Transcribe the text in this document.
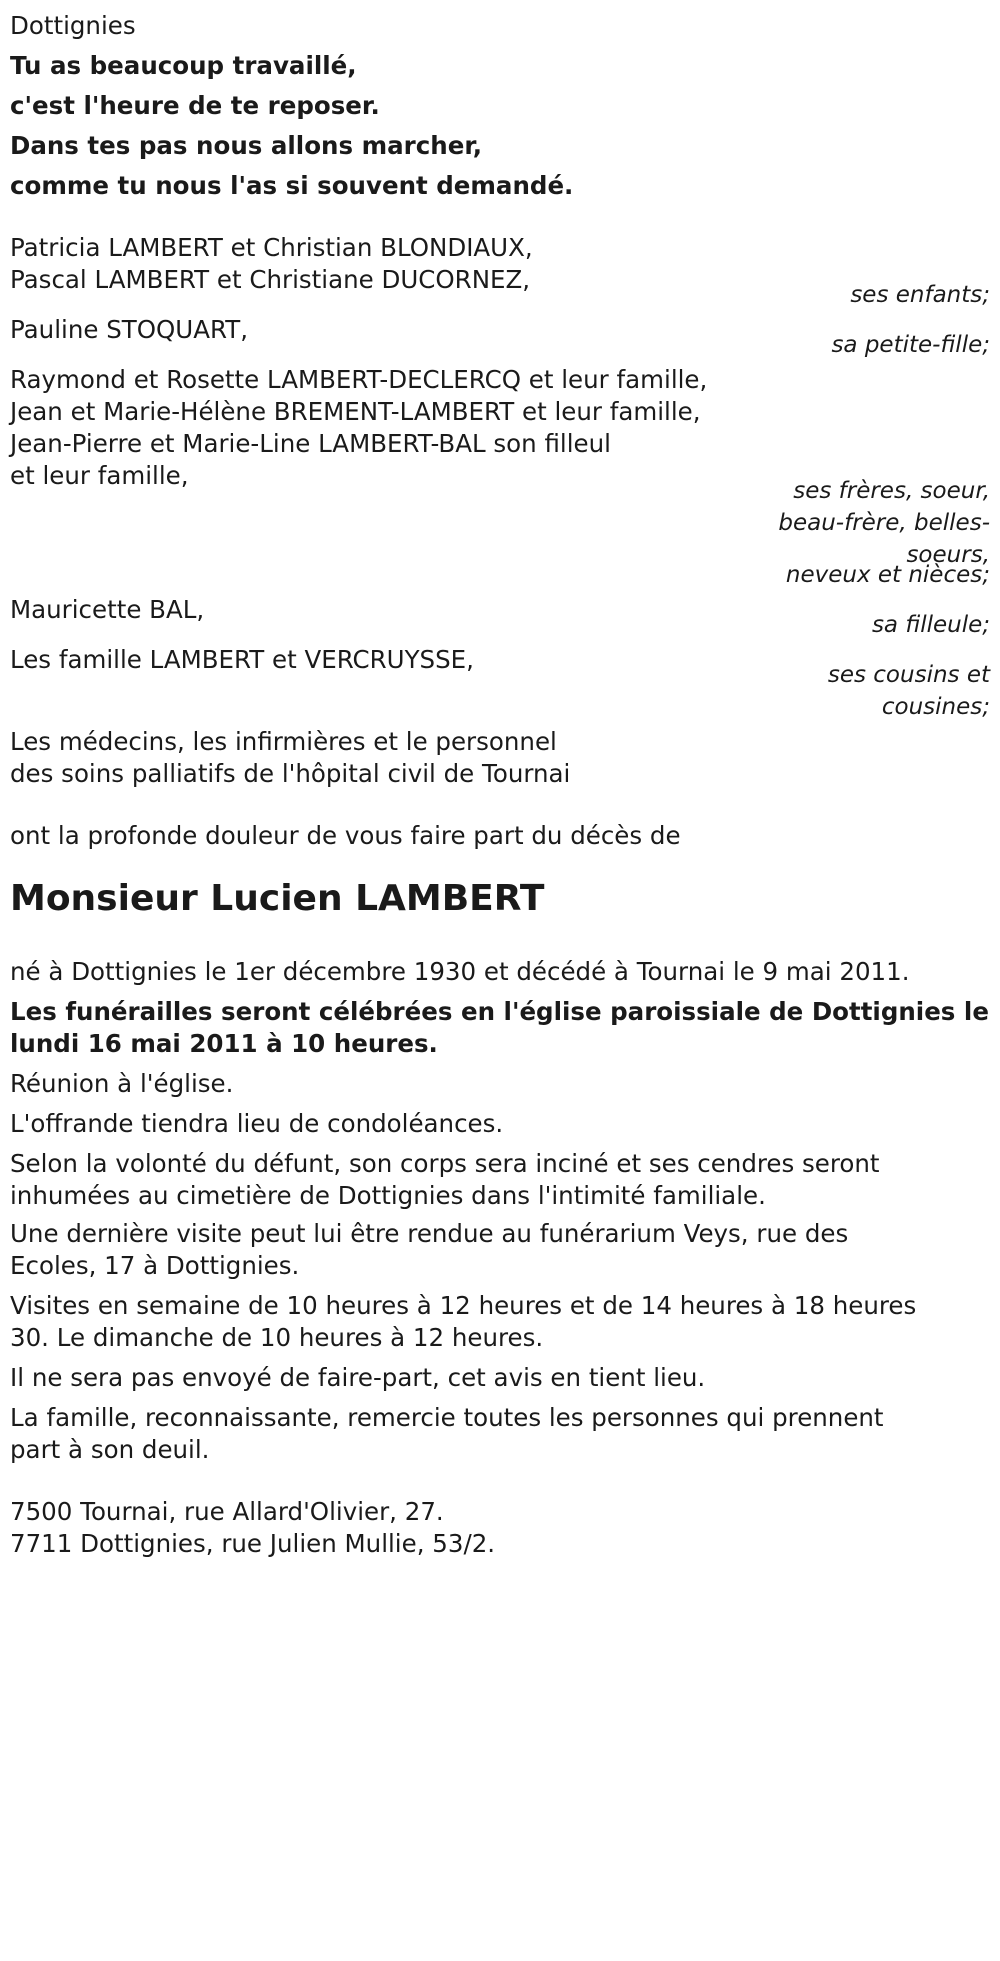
Dottignies
Tu as beaucoup travaillé,
c'est l'heure de te reposer.
Dans tes pas nous allons marcher,
comme tu nous l'as si souvent demandé.
Patricia LAMBERT et Christian BLONDIAUX,
Pascal LAMBERT et Christiane DUCORNEZ,
ses enfants;
Pauline STOQUART,
sa petite-fille;
Raymond et Rosette LAMBERT-DECLERCQ et leur famille,
Jean et Marie-Hélène BREMENT-LAMBERT et leur famille,
Jean-Pierre et Marie-Line LAMBERT-BAL son filleul
et leur famille,
ses frères, soeur,
beau-frère, belles-
soeurs,
neveux et nièces;
Mauricette BAL,
sa filleule;
Les famille LAMBERT et VERCRUYSSE,
ses cousins et
cousines;
Les médecins, les infirmières et le personnel
des soins palliatifs de l'hôpital civil de Tournai
ont la profonde douleur de vous faire part du décès de
Monsieur Lucien LAMBERT
né à Dottignies le 1er décembre 1930 et décédé à Tournai le 9 mai 2011.
Les funérailles seront célébrées en l'église paroissiale de Dottignies le
lundi 16 mai 2011 à 10 heures.
Réunion à l'église.
L'offrande tiendra lieu de condoléances.
Selon la volonté du défunt, son corps sera inciné et ses cendres seront
inhumées au cimetière de Dottignies dans l'intimité familiale.
Une dernière visite peut lui être rendue au funérarium Veys, rue des
Ecoles, 17 à Dottignies.
Visites en semaine de 10 heures à 12 heures et de 14 heures à 18 heures
30. Le dimanche de 10 heures à 12 heures.
Il ne sera pas envoyé de faire-part, cet avis en tient lieu.
La famille, reconnaissante, remercie toutes les personnes qui prennent
part à son deuil.
7500 Tournai, rue Allard'Olivier, 27.
7711 Dottignies, rue Julien Mullie, 53/2.
